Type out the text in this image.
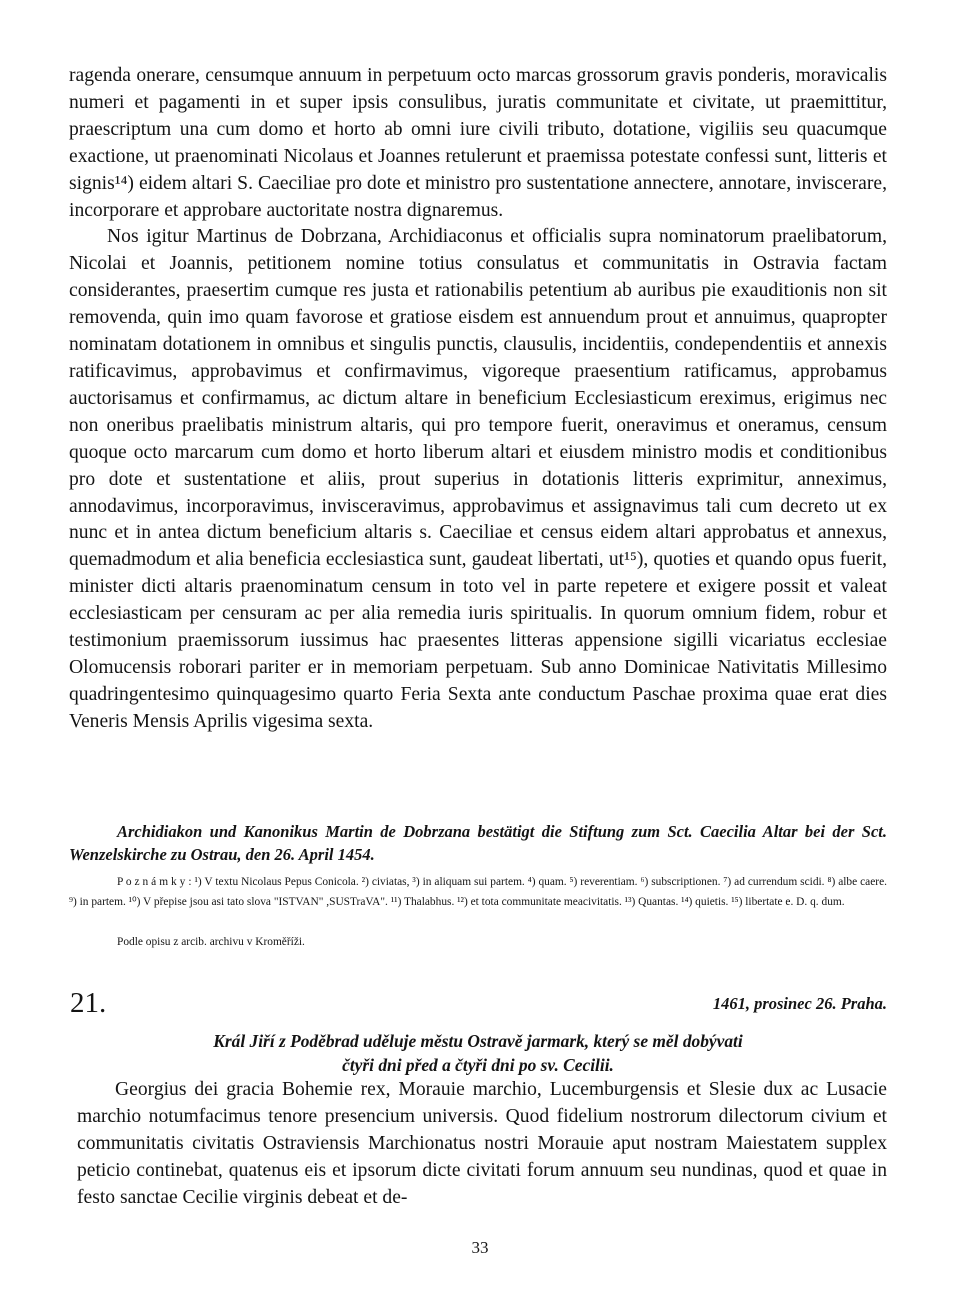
ragenda onerare, censumque annuum in perpetuum octo marcas grossorum gravis ponderis, moravicalis numeri et pagamenti in et super ipsis consulibus, juratis communitate et civitate, ut praemittitur, praescriptum una cum domo et horto ab omni iure civili tributo, dotatione, vigiliis seu quacumque exactione, ut praenominati Nicolaus et Joannes retulerunt et praemissa potestate confessi sunt, litteris et signis¹⁴) eidem altari S. Caeciliae pro dote et ministro pro sustentatione annectere, annotare, inviscerare, incorporare et approbare auctoritate nostra dignaremus.

Nos igitur Martinus de Dobrzana, Archidiaconus et officialis supra nominatorum praelibatorum, Nicolai et Joannis, petitionem nomine totius consulatus et communitatis in Ostravia factam considerantes, praesertim cumque res justa et rationabilis petentium ab auribus pie exauditionis non sit removenda, quin imo quam favorose et gratiose eisdem est annuendum prout et annuimus, quapropter nominatam dotationem in omnibus et singulis punctis, clausulis, incidentiis, condependentiis et annexis ratificavimus, approbavimus et confirmavimus, vigoreque praesentium ratificamus, approbamus auctorisamus et confirmamus, ac dictum altare in beneficium Ecclesiasticum ereximus, erigimus nec non oneribus praelibatis ministrum altaris, qui pro tempore fuerit, oneravimus et oneramus, censum quoque octo marcarum cum domo et horto liberum altari et eiusdem ministro modis et conditionibus pro dote et sustentatione et aliis, prout superius in dotationis litteris exprimitur, anneximus, annodavimus, incorporavimus, invisceravimus, approbavimus et assignavimus tali cum decreto ut ex nunc et in antea dictum beneficium altaris s. Caeciliae et census eidem altari approbatus et annexus, quemadmodum et alia beneficia ecclesiastica sunt, gaudeat libertati, ut¹⁵), quoties et quando opus fuerit, minister dicti altaris praenominatum censum in toto vel in parte repetere et exigere possit et valeat ecclesiasticam per censuram ac per alia remedia iuris spiritualis. In quorum omnium fidem, robur et testimonium praemissorum iussimus hac praesentes litteras appensione sigilli vicariatus ecclesiae Olomucensis roborari pariter er in memoriam perpetuam. Sub anno Dominicae Nativitatis Millesimo quadringentesimo quinquagesimo quarto Feria Sexta ante conductum Paschae proxima quae erat dies Veneris Mensis Aprilis vigesima sexta.

Archidiakon und Kanonikus Martin de Dobrzana bestätigt die Stiftung zum Sct. Caecilia Altar bei der Sct. Wenzelskirche zu Ostrau, den 26. April 1454.
P o z n á m k y : ¹) V textu Nicolaus Pepus Conicola. ²) civiatas, ³) in aliquam sui partem. ⁴) quam. ⁵) reverentiam. ⁶) subscriptionen. ⁷) ad currendum scidi. ⁸) albe caere. ⁹) in partem. ¹⁰) V přepise jsou asi tato slova "ISTVAN" ,SUSTraVA". ¹¹) Thalabhus. ¹²) et tota communitate meacivitatis. ¹³) Quantas. ¹⁴) quietis. ¹⁵) libertate e. D. q. dum.
Podle opisu z arcib. archivu v Kroměříži.
21.	1461, prosinec 26. Praha.
Král Jiří z Poděbrad uděluje městu Ostravě jarmark, který se měl dobývati
čtyři dni před a čtyři dni po sv. Cecilii.
Georgius dei gracia Bohemie rex, Morauie marchio, Lucemburgensis et Slesie dux ac Lusacie marchio notumfacimus tenore presencium universis. Quod fidelium nostrorum dilectorum civium et communitatis civitatis Ostraviensis Marchionatus nostri Morauie aput nostram Maiestatem supplex peticio continebat, quatenus eis et ipsorum dicte civitati forum annuum seu nundinas, quod et quae in festo sanctae Cecilie virginis debeat et de-
33
